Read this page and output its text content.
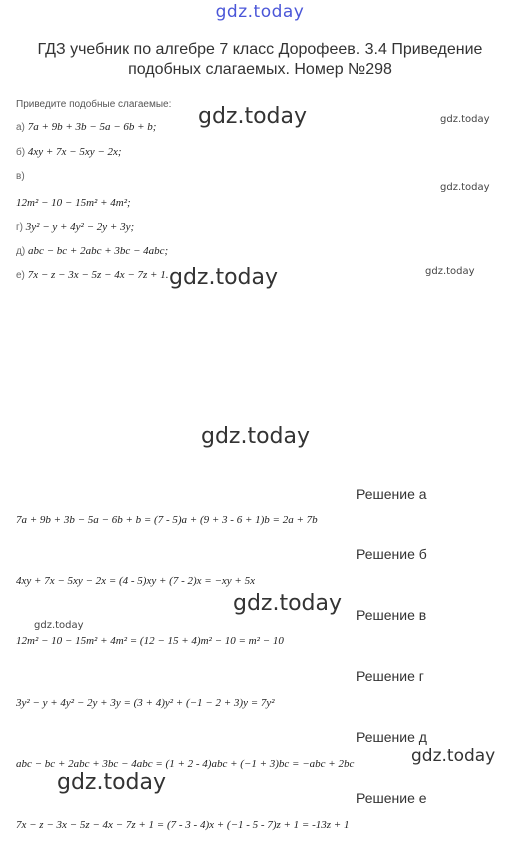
gdz.today
ГДЗ учебник по алгебре 7 класс Дорофеев. 3.4 Приведение подобных слагаемых. Номер №298
Приведите подобные слагаемые:
а) 7a + 9b + 3b − 5a − 6b + b;
б) 4xy + 7x − 5xy − 2x;
в)
12m² − 10 − 15m² + 4m²;
г) 3y² − y + 4y² − 2y + 3y;
д) abc − bc + 2abc + 3bc − 4abc;
е) 7x − z − 3x − 5z − 4x − 7z + 1.
gdz.today	gdz.today
gdz.today
gdz.today
gdz.today
gdz.today
gdz.today
gdz.today
gdz.today
gdz.today
Решение а
7a + 9b + 3b − 5a − 6b + b = (7 - 5)a + (9 + 3 - 6 + 1)b = 2a + 7b
Решение б
4xy + 7x − 5xy − 2x = (4 - 5)xy + (7 - 2)x = −xy + 5x
Решение в
12m² − 10 − 15m² + 4m² = (12 − 15 + 4)m² − 10 = m² − 10
Решение г
3y² − y + 4y² − 2y + 3y = (3 + 4)y² + (−1 − 2 + 3)y = 7y²
Решение д
abc − bc + 2abc + 3bc − 4abc = (1 + 2 - 4)abc + (−1 + 3)bc = −abc + 2bc
Решение е
7x − z − 3x − 5z − 4x − 7z + 1 = (7 - 3 - 4)x + (−1 - 5 - 7)z + 1 = -13z + 1
